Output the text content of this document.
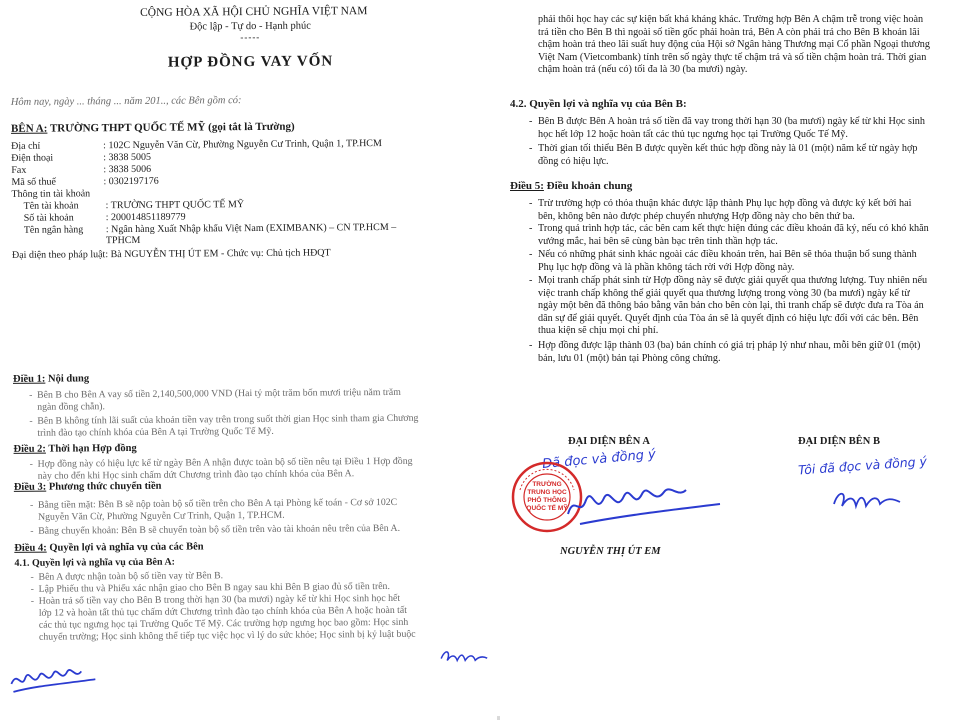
CỘNG HÒA XÃ HỘI CHỦ NGHĨA VIỆT NAM
Độc lập - Tự do - Hạnh phúc
-----
HỢP ĐỒNG VAY VỐN
Hôm nay, ngày ... tháng ... năm 201.., các Bên gồm có:
BÊN A: TRƯỜNG THPT QUỐC TẾ MỸ (gọi tắt là Trường)
Địa chỉ	: 102C Nguyễn Văn Cừ, Phường Nguyễn Cư Trinh, Quận 1, TP.HCM
Điện thoại	: 3838 5005
Fax	: 3838 5006
Mã số thuế	: 0302197176
Thông tin tài khoản
Tên tài khoản	: TRƯỜNG THPT QUỐC TẾ MỸ
Số tài khoản	: 200014851189779
Tên ngân hàng : Ngân hàng Xuất Nhập khẩu Việt Nam (EXIMBANK) – CN TP.HCM –
TPHCM
Đại diện theo pháp luật: Bà NGUYỄN THỊ ÚT EM - Chức vụ: Chủ tịch HĐQT
Điều 1: Nội dung
- Bên B cho Bên A vay số tiền 2,140,500,000 VND (Hai tỷ một trăm bốn mươi triệu năm trăm
ngàn đồng chẵn).
- Bên B không tính lãi suất của khoản tiền vay trên trong suốt thời gian Học sinh tham gia Chương
trình đào tạo chính khóa của Bên A tại Trường Quốc Tế Mỹ.
Điều 2: Thời hạn Hợp đồng
- Hợp đồng này có hiệu lực kể từ ngày Bên A nhận được toàn bộ số tiền nêu tại Điều 1 Hợp đồng
này cho đến khi Học sinh chấm dứt Chương trình đào tạo chính khóa của Bên A.
Điều 3: Phương thức chuyển tiền
- Bằng tiền mặt: Bên B sẽ nộp toàn bộ số tiền trên cho Bên A tại Phòng kế toán - Cơ sở 102C
Nguyễn Văn Cừ, Phường Nguyễn Cư Trinh, Quận 1, TP.HCM.
- Bằng chuyển khoản: Bên B sẽ chuyển toàn bộ số tiền trên vào tài khoản nêu trên của Bên A.
Điều 4: Quyền lợi và nghĩa vụ của các Bên
4.1. Quyền lợi và nghĩa vụ của Bên A:
- Bên A được nhận toàn bộ số tiền vay từ Bên B.
- Lập Phiếu thu và Phiếu xác nhận giao cho Bên B ngay sau khi Bên B giao đủ số tiền trên.
- Hoàn trả số tiền vay cho Bên B trong thời hạn 30 (ba mươi) ngày kể từ khi Học sinh học hết
lớp 12 và hoàn tất thủ tục chấm dứt Chương trình đào tạo chính khóa của Bên A hoặc hoàn tất
các thủ tục ngưng học tại Trường Quốc Tế Mỹ. Các trường hợp ngưng học bao gồm: Học sinh
chuyển trường; Học sinh không thể tiếp tục việc học vì lý do sức khỏe; Học sinh bị kỷ luật buộc
phải thôi học hay các sự kiện bất khả kháng khác. Trường hợp Bên A chậm trễ trong việc hoàn
trả tiền cho Bên B thì ngoài số tiền gốc phải hoàn trả, Bên A còn phải trả cho Bên B khoản lãi
chậm hoàn trả theo lãi suất huy động của Hội sở Ngân hàng Thương mại Cổ phần Ngoại thương
Việt Nam (Vietcombank) tính trên số ngày thực tế chậm trả và số tiền chậm hoàn trả. Thời gian
chậm hoàn trả (nếu có) tối đa là 30 (ba mươi) ngày.
4.2. Quyền lợi và nghĩa vụ của Bên B:
- Bên B được Bên A hoàn trả số tiền đã vay trong thời hạn 30 (ba mươi) ngày kể từ khi Học sinh
học hết lớp 12 hoặc hoàn tất các thủ tục ngưng học tại Trường Quốc Tế Mỹ.
- Thời gian tối thiểu Bên B được quyền kết thúc hợp đồng này là 01 (một) năm kể từ ngày hợp
đồng có hiệu lực.
Điều 5: Điều khoản chung
- Trừ trường hợp có thỏa thuận khác được lập thành Phụ lục hợp đồng và được ký kết bởi hai
bên, không bên nào được phép chuyển nhượng Hợp đồng này cho bên thứ ba.
- Trong quá trình hợp tác, các bên cam kết thực hiện đúng các điều khoản đã ký, nếu có khó khăn
vướng mắc, hai bên sẽ cùng bàn bạc trên tinh thần hợp tác.
- Nếu có những phát sinh khác ngoài các điều khoản trên, hai Bên sẽ thỏa thuận bổ sung thành
Phụ lục hợp đồng và là phần không tách rời với Hợp đồng này.
- Mọi tranh chấp phát sinh từ Hợp đồng này sẽ được giải quyết qua thương lượng. Tuy nhiên nếu
việc tranh chấp không thể giải quyết qua thương lượng trong vòng 30 (ba mươi) ngày kể từ
ngày một bên đã thông báo bằng văn bản cho bên còn lại, thì tranh chấp sẽ được đưa ra Tòa án
dân sự để giải quyết. Quyết định của Tòa án sẽ là quyết định có hiệu lực đối với các bên. Bên
thua kiện sẽ chịu mọi chi phí.
- Hợp đồng được lập thành 03 (ba) bản chính có giá trị pháp lý như nhau, mỗi bên giữ 01 (một)
bản, lưu 01 (một) bản tại Phòng công chứng.
ĐẠI DIỆN BÊN A	ĐẠI DIỆN BÊN B
Đã đọc và đồng ý	Tôi đã đọc và đồng ý
TRƯỜNG
TRUNG HỌC
PHỔ THÔNG
QUỐC TẾ MỸ
NGUYỄN THỊ ÚT EM
